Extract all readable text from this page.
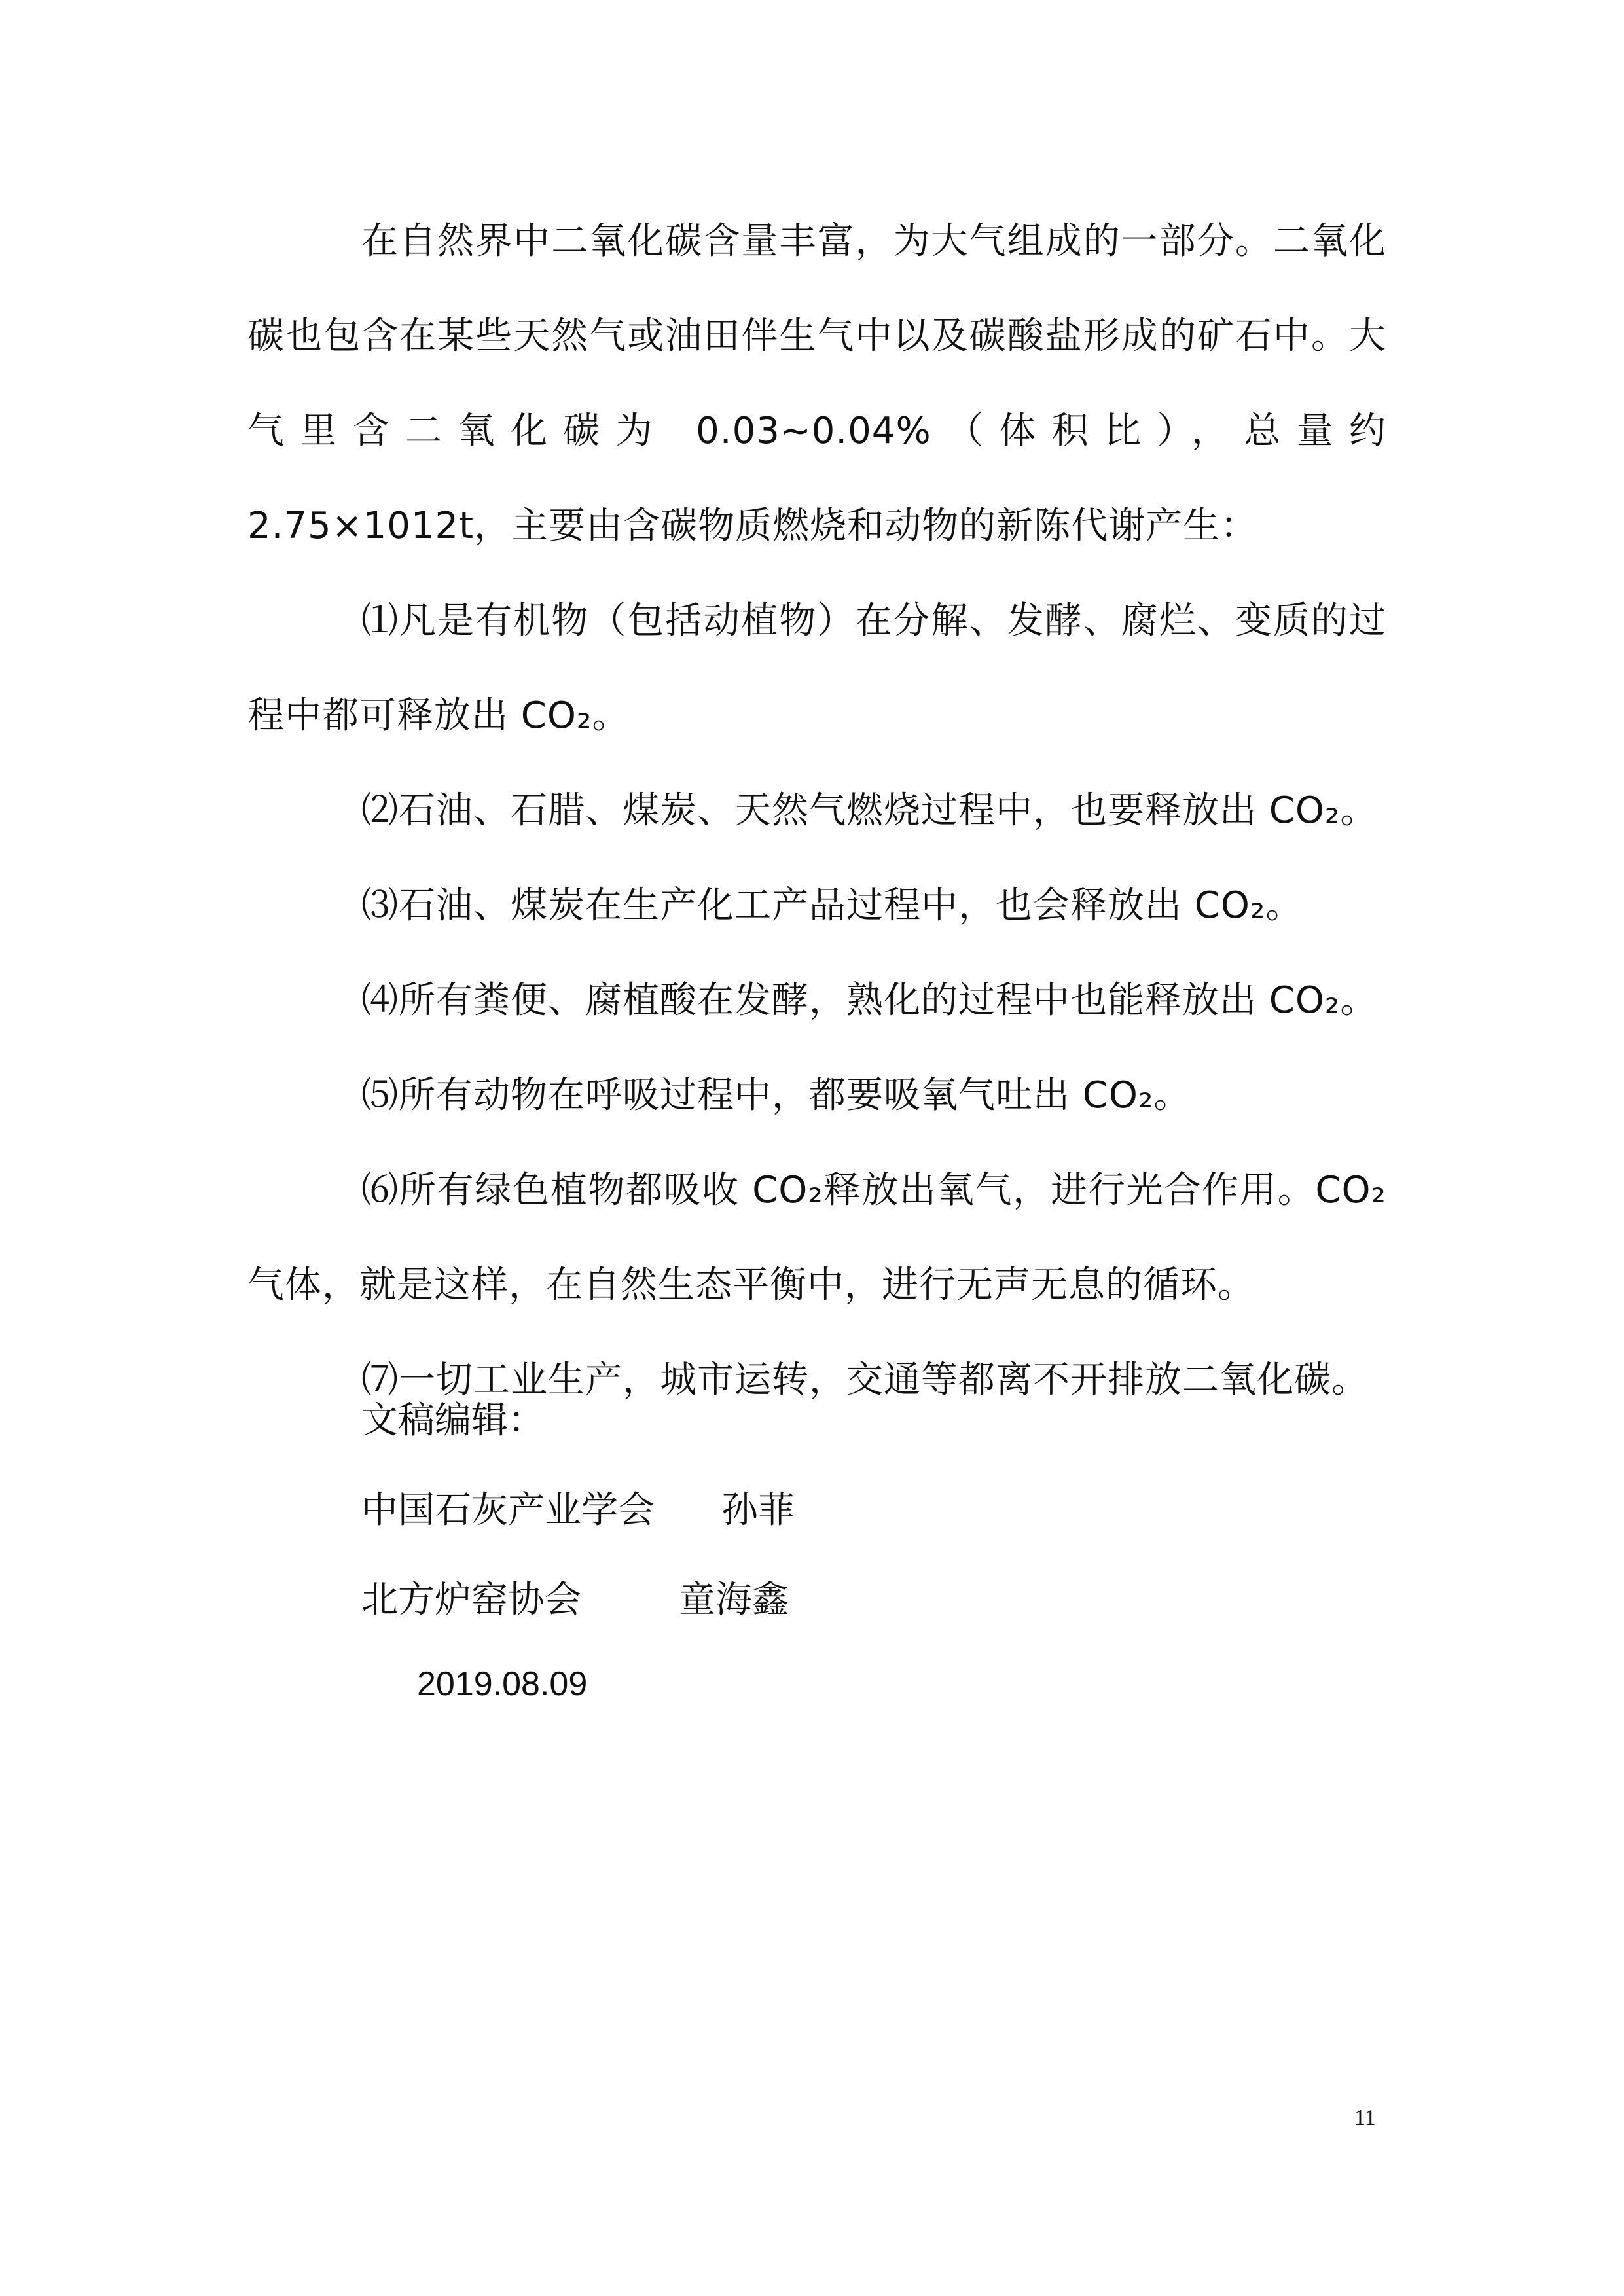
在自然界中二氧化碳含量丰富，为大气组成的一部分。二氧化碳也包含在某些天然气或油田伴生气中以及碳酸盐形成的矿石中。大气里含二氧化碳为 0.03~0.04%（体积比），总量约 2.75×1012t，主要由含碳物质燃烧和动物的新陈代谢产生：

⑴凡是有机物（包括动植物）在分解、发酵、腐烂、变质的过程中都可释放出 CO₂。

⑵石油、石腊、煤炭、天然气燃烧过程中，也要释放出 CO₂。

⑶石油、煤炭在生产化工产品过程中，也会释放出 CO₂。

⑷所有粪便、腐植酸在发酵，熟化的过程中也能释放出 CO₂。

⑸所有动物在呼吸过程中，都要吸氧气吐出 CO₂。

⑹所有绿色植物都吸收 CO₂释放出氧气，进行光合作用。CO₂气体，就是这样，在自然生态平衡中，进行无声无息的循环。

⑺一切工业生产，城市运转，交通等都离不开排放二氧化碳。

文稿编辑：
中国石灰产业学会 孙菲
北方炉窑协会	童海鑫
2019.08.09
11
